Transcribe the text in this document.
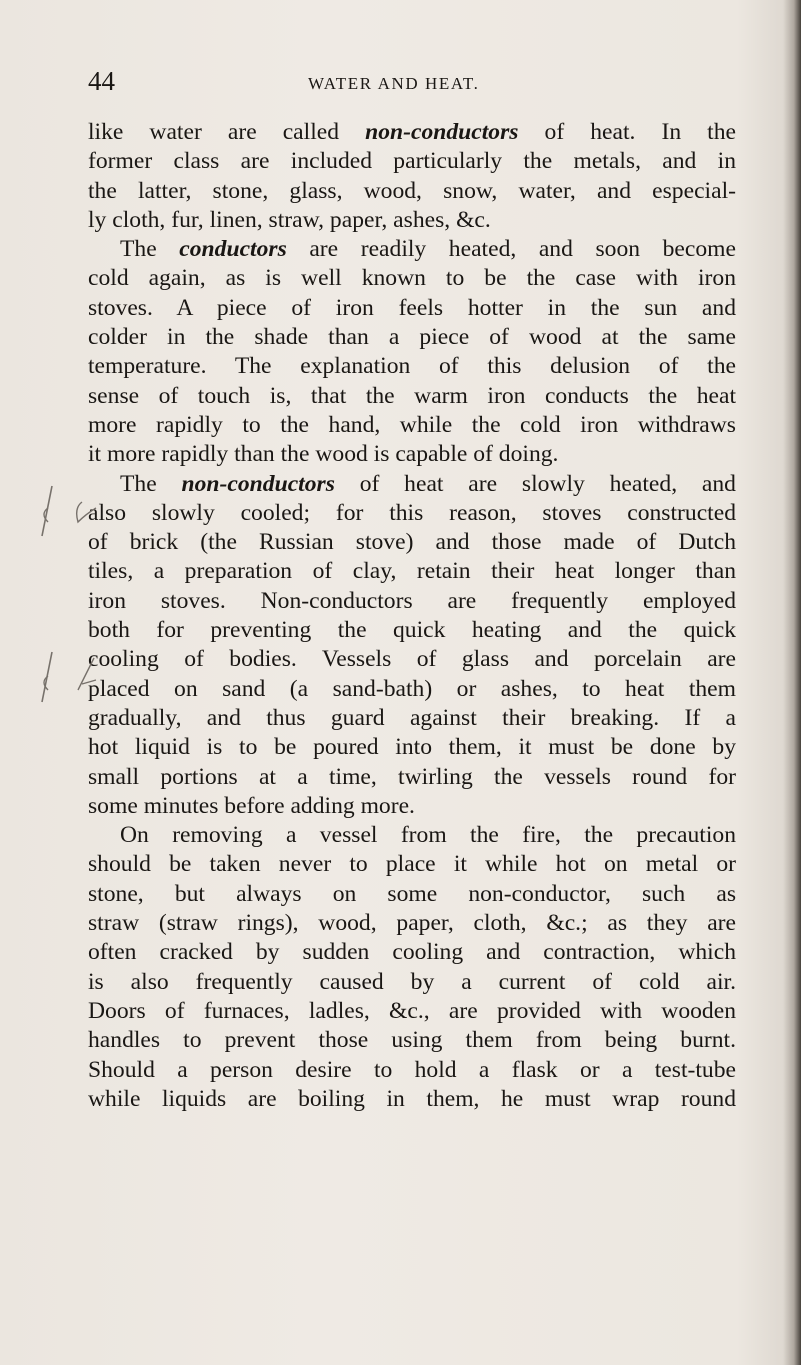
44	WATER AND HEAT.
like water are called non-conductors of heat. In the
former class are included particularly the metals, and in
the latter, stone, glass, wood, snow, water, and especial-
ly cloth, fur, linen, straw, paper, ashes, &c.
The conductors are readily heated, and soon become
cold again, as is well known to be the case with iron
stoves. A piece of iron feels hotter in the sun and
colder in the shade than a piece of wood at the same
temperature. The explanation of this delusion of the
sense of touch is, that the warm iron conducts the heat
more rapidly to the hand, while the cold iron withdraws
it more rapidly than the wood is capable of doing.
The non-conductors of heat are slowly heated, and
also slowly cooled; for this reason, stoves constructed
of brick (the Russian stove) and those made of Dutch
tiles, a preparation of clay, retain their heat longer than
iron stoves. Non-conductors are frequently employed
both for preventing the quick heating and the quick
cooling of bodies. Vessels of glass and porcelain are
placed on sand (a sand-bath) or ashes, to heat them
gradually, and thus guard against their breaking. If a
hot liquid is to be poured into them, it must be done by
small portions at a time, twirling the vessels round for
some minutes before adding more.
On removing a vessel from the fire, the precaution
should be taken never to place it while hot on metal or
stone, but always on some non-conductor, such as
straw (straw rings), wood, paper, cloth, &c.; as they are
often cracked by sudden cooling and contraction, which
is also frequently caused by a current of cold air.
Doors of furnaces, ladles, &c., are provided with wooden
handles to prevent those using them from being burnt.
Should a person desire to hold a flask or a test-tube
while liquids are boiling in them, he must wrap round
